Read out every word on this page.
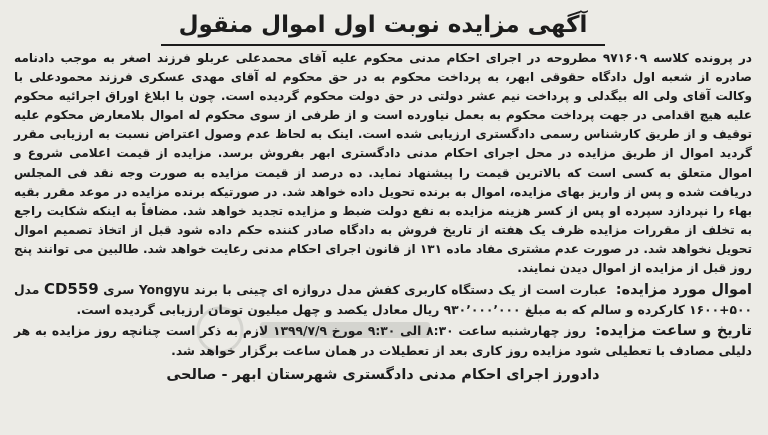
آگهی مزایده نوبت اول اموال منقول

در پرونده کلاسه ۹۷۱۶۰۹ مطروحه در اجرای احکام مدنی محکوم علیه آقای محمدعلی عربلو فرزند اصغر به موجب دادنامه صادره از شعبه اول دادگاه حقوقی ابهر، به پرداخت محکوم به در حق محکوم له آقای مهدی عسکری فرزند محمودعلی با وکالت آقای ولی اله بیگدلی و پرداخت نیم عشر دولتی در حق دولت محکوم گردیده است. چون با ابلاغ اوراق اجرائیه محکوم علیه هیچ اقدامی در جهت پرداخت محکوم به بعمل نیاورده است و از طرفی از سوی محکوم له اموال بلامعارض محکوم علیه توقیف و از طریق کارشناس رسمی دادگستری ارزیابی شده است. اینک به لحاظ عدم وصول اعتراض نسبت به ارزیابی مقرر گردید اموال از طریق مزایده در محل اجرای احکام مدنی دادگستری ابهر بفروش برسد. مزایده از قیمت اعلامی شروع و اموال متعلق به کسی است که بالاترین قیمت را پیشنهاد نماید. ده درصد از قیمت مزایده به صورت وجه نقد فی المجلس دریافت شده و پس از واریز بهای مزایده، اموال به برنده تحویل داده خواهد شد. در صورتیکه برنده مزایده در موعد مقرر بقیه بهاء را نپردازد سپرده او پس از کسر هزینه مزایده به نفع دولت ضبط و مزایده تجدید خواهد شد. مضافاً به اینکه شکایت راجع به تخلف از مقررات مزایده ظرف یک هفته از تاریخ فروش به دادگاه صادر کننده حکم داده شود قبل از اتخاذ تصمیم اموال تحویل نخواهد شد. در صورت عدم مشتری مفاد ماده ۱۳۱ از قانون اجرای احکام مدنی رعایت خواهد شد. طالبین می توانند پنج روز قبل از مزایده از اموال دیدن نمایند.

اموال مورد مزایده: عبارت است از یک دستگاه کاربری کفش مدل دروازه ای چینی با برند Yongyu سری CD559 مدل ۵۰۰+۱۶۰۰ کارکرده و سالم که به مبلغ ۹۳۰٬۰۰۰٬۰۰۰ ریال معادل یکصد و چهل میلیون تومان ارزیابی گردیده است.

تاریخ و ساعت مزایده: روز چهارشنبه ساعت ۸:۳۰ الی ۹:۳۰ مورخ ۱۳۹۹/۷/۹ لازم به ذکر است چنانچه روز مزایده به هر دلیلی مصادف با تعطیلی شود مزایده روز کاری بعد از تعطیلات در همان ساعت برگزار خواهد شد.

دادورز اجرای احکام مدنی دادگستری شهرستان ابهر - صالحی
